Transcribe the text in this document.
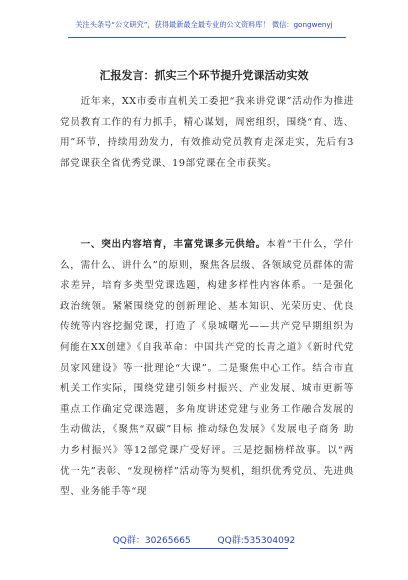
关注头条号“公文研究”，获得最新最全最专业的公文资料库！ 微信：gongwenyj
汇报发言：抓实三个环节提升党课活动实效
　　近年来，XX市委市直机关工委把“我来讲党课”活动作为推进党员教育工作的有力抓手，精心谋划，周密组织，围绕“育、选、用”环节，持续用劲发力，有效推动党员教育走深走实，先后有3部党课获全省优秀党课、19部党课在全市获奖。
　　一、突出内容培育，丰富党课多元供给。本着“干什么，学什么，需什么、讲什么”的原则，聚焦各层级、各领域党员群体的需求差异，培育多类型党课选题，构建多样性内容体系。一是强化政治统领。紧紧围绕党的创新理论、基本知识、光荣历史、优良传统等内容挖掘党课，打造了《泉城曙光——共产党早期组织为何能在XX创建》《自我革命：中国共产党的长青之道》《新时代党员家风建设》等一批理论“大课”。二是聚焦中心工作。结合市直机关工作实际，围绕党建引领乡村振兴、产业发展、城市更新等重点工作确定党课选题，多角度讲述党建与业务工作融合发展的生动做法，《聚焦“双碳”目标 推动绿色发展》《发展电子商务 助力乡村振兴》等12部党课广受好评。三是挖掘榜样故事。以“两优一先”表彰、“发现榜样”活动等为契机，组织优秀党员、先进典型、业务能手等“现
QQ群：30265665	QQ群:535304092
